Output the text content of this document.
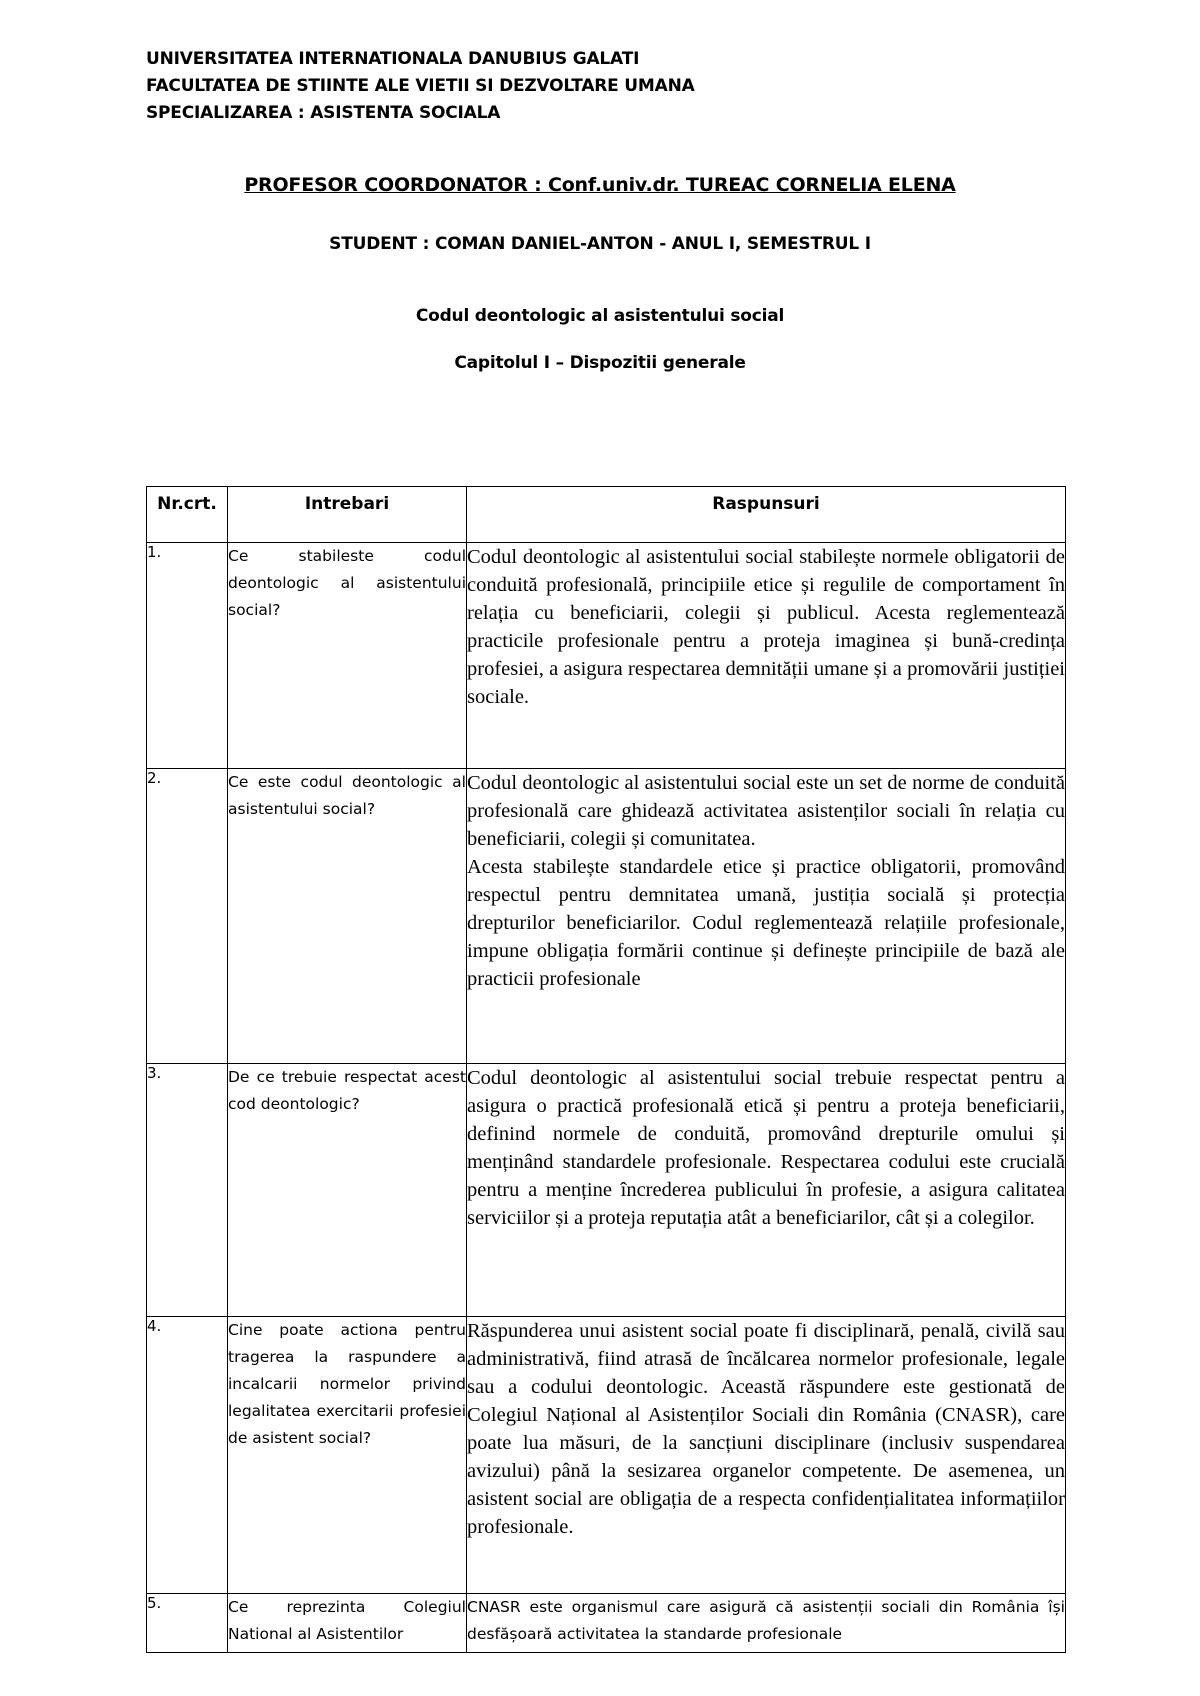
UNIVERSITATEA INTERNATIONALA DANUBIUS GALATI
FACULTATEA DE STIINTE ALE VIETII SI DEZVOLTARE UMANA
SPECIALIZAREA : ASISTENTA SOCIALA
PROFESOR COORDONATOR : Conf.univ.dr. TUREAC CORNELIA ELENA
STUDENT : COMAN DANIEL-ANTON - ANUL I, SEMESTRUL I
Codul deontologic al asistentului social
Capitolul I – Dispozitii generale
Nr.crt.	Intrebari	Raspunsuri
1.	Ce stabileste codul deontologic al asistentului social?	Codul deontologic al asistentului social stabilește normele obligatorii de conduită profesională, principiile etice și regulile de comportament în relația cu beneficiarii, colegii și publicul. Acesta reglementează practicile profesionale pentru a proteja imaginea și bună-credința profesiei, a asigura respectarea demnității umane și a promovării justiției sociale.
2.	Ce este codul deontologic al asistentului social?	Codul deontologic al asistentului social este un set de norme de conduită profesională care ghidează activitatea asistenților sociali în relația cu beneficiarii, colegii și comunitatea.
Acesta stabilește standardele etice și practice obligatorii, promovând respectul pentru demnitatea umană, justiția socială și protecția drepturilor beneficiarilor. Codul reglementează relațiile profesionale, impune obligația formării continue și definește principiile de bază ale practicii profesionale

3.	De ce trebuie respectat acest cod deontologic?	Codul deontologic al asistentului social trebuie respectat pentru a asigura o practică profesională etică și pentru a proteja beneficiarii, definind normele de conduită, promovând drepturile omului și menținând standardele profesionale. Respectarea codului este crucială pentru a menține încrederea publicului în profesie, a asigura calitatea serviciilor și a proteja reputația atât a beneficiarilor, cât și a colegilor.
4.	Cine poate actiona pentru tragerea la raspundere a incalcarii normelor privind legalitatea exercitarii profesiei de asistent social?	Răspunderea unui asistent social poate fi disciplinară, penală, civilă sau administrativă, fiind atrasă de încălcarea normelor profesionale, legale sau a codului deontologic. Această răspundere este gestionată de Colegiul Național al Asistenților Sociali din România (CNASR), care poate lua măsuri, de la sancțiuni disciplinare (inclusiv suspendarea avizului) până la sesizarea organelor competente. De asemenea, un asistent social are obligația de a respecta confidențialitatea informațiilor profesionale.
5.	Ce reprezinta Colegiul National al Asistentilor	CNASR este organismul care asigură că asistenții sociali din România își desfășoară activitatea la standarde profesionale
